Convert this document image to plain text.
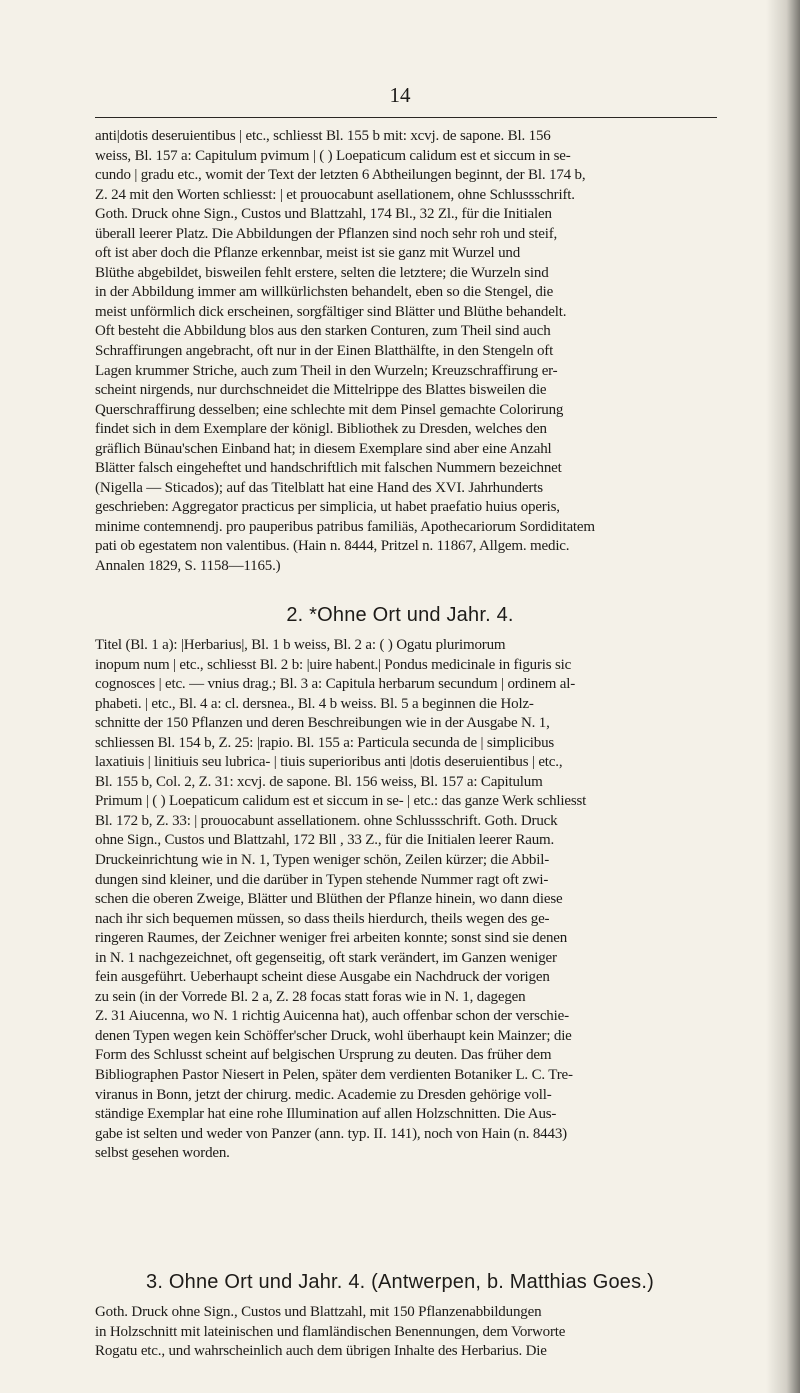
14
anti|dotis deseruientibus | etc., schliesst Bl. 155 b mit: xcvj. de sapone. Bl. 156
weiss, Bl. 157 a: Capitulum pvimum | ( ) Loepaticum calidum est et siccum in se-
cundo | gradu etc., womit der Text der letzten 6 Abtheilungen beginnt, der Bl. 174 b,
Z. 24 mit den Worten schliesst: | et prouocabunt asellationem, ohne Schlussschrift.
Goth. Druck ohne Sign., Custos und Blattzahl, 174 Bl., 32 Zl., für die Initialen
überall leerer Platz. Die Abbildungen der Pflanzen sind noch sehr roh und steif,
oft ist aber doch die Pflanze erkennbar, meist ist sie ganz mit Wurzel und
Blüthe abgebildet, bisweilen fehlt erstere, selten die letztere; die Wurzeln sind
in der Abbildung immer am willkürlichsten behandelt, eben so die Stengel, die
meist unförmlich dick erscheinen, sorgfältiger sind Blätter und Blüthe behandelt.
Oft besteht die Abbildung blos aus den starken Conturen, zum Theil sind auch
Schraffirungen angebracht, oft nur in der Einen Blatthälfte, in den Stengeln oft
Lagen krummer Striche, auch zum Theil in den Wurzeln; Kreuzschraffirung er-
scheint nirgends, nur durchschneidet die Mittelrippe des Blattes bisweilen die
Querschraffirung desselben; eine schlechte mit dem Pinsel gemachte Colorirung
findet sich in dem Exemplare der königl. Bibliothek zu Dresden, welches den
gräflich Bünau'schen Einband hat; in diesem Exemplare sind aber eine Anzahl
Blätter falsch eingeheftet und handschriftlich mit falschen Nummern bezeichnet
(Nigella — Sticados); auf das Titelblatt hat eine Hand des XVI. Jahrhunderts
geschrieben: Aggregator practicus per simplicia, ut habet praefatio huius operis,
minime contemnendj. pro pauperibus patribus familiäs, Apothecariorum Sordiditatem
pati ob egestatem non valentibus. (Hain n. 8444, Pritzel n. 11867, Allgem. medic.
Annalen 1829, S. 1158—1165.)
2. *Ohne Ort und Jahr. 4.
Titel (Bl. 1 a): |Herbarius|, Bl. 1 b weiss, Bl. 2 a: ( ) Ogatu plurimorum
inopum num | etc., schliesst Bl. 2 b: |uire habent.| Pondus medicinale in figuris sic
cognosces | etc. — vnius drag.; Bl. 3 a: Capitula herbarum secundum | ordinem al-
phabeti. | etc., Bl. 4 a: cl. dersnea., Bl. 4 b weiss. Bl. 5 a beginnen die Holz-
schnitte der 150 Pflanzen und deren Beschreibungen wie in der Ausgabe N. 1,
schliessen Bl. 154 b, Z. 25: |rapio. Bl. 155 a: Particula secunda de | simplicibus
laxatiuis | linitiuis seu lubrica- | tiuis superioribus anti |dotis deseruientibus | etc.,
Bl. 155 b, Col. 2, Z. 31: xcvj. de sapone. Bl. 156 weiss, Bl. 157 a: Capitulum
Primum | ( ) Loepaticum calidum est et siccum in se- | etc.: das ganze Werk schliesst
Bl. 172 b, Z. 33: | prouocabunt assellationem. ohne Schlussschrift. Goth. Druck
ohne Sign., Custos und Blattzahl, 172 Bll , 33 Z., für die Initialen leerer Raum.
Druckeinrichtung wie in N. 1, Typen weniger schön, Zeilen kürzer; die Abbil-
dungen sind kleiner, und die darüber in Typen stehende Nummer ragt oft zwi-
schen die oberen Zweige, Blätter und Blüthen der Pflanze hinein, wo dann diese
nach ihr sich bequemen müssen, so dass theils hierdurch, theils wegen des ge-
ringeren Raumes, der Zeichner weniger frei arbeiten konnte; sonst sind sie denen
in N. 1 nachgezeichnet, oft gegenseitig, oft stark verändert, im Ganzen weniger
fein ausgeführt. Ueberhaupt scheint diese Ausgabe ein Nachdruck der vorigen
zu sein (in der Vorrede Bl. 2 a, Z. 28 focas statt foras wie in N. 1, dagegen
Z. 31 Aiucenna, wo N. 1 richtig Auicenna hat), auch offenbar schon der verschie-
denen Typen wegen kein Schöffer'scher Druck, wohl überhaupt kein Mainzer; die
Form des Schlusst scheint auf belgischen Ursprung zu deuten. Das früher dem
Bibliographen Pastor Niesert in Pelen, später dem verdienten Botaniker L. C. Tre-
viranus in Bonn, jetzt der chirurg. medic. Academie zu Dresden gehörige voll-
ständige Exemplar hat eine rohe Illumination auf allen Holzschnitten. Die Aus-
gabe ist selten und weder von Panzer (ann. typ. II. 141), noch von Hain (n. 8443)
selbst gesehen worden.
3. Ohne Ort und Jahr. 4. (Antwerpen, b. Matthias Goes.)
Goth. Druck ohne Sign., Custos und Blattzahl, mit 150 Pflanzenabbildungen
in Holzschnitt mit lateinischen und flamländischen Benennungen, dem Vorworte
Rogatu etc., und wahrscheinlich auch dem übrigen Inhalte des Herbarius. Die
